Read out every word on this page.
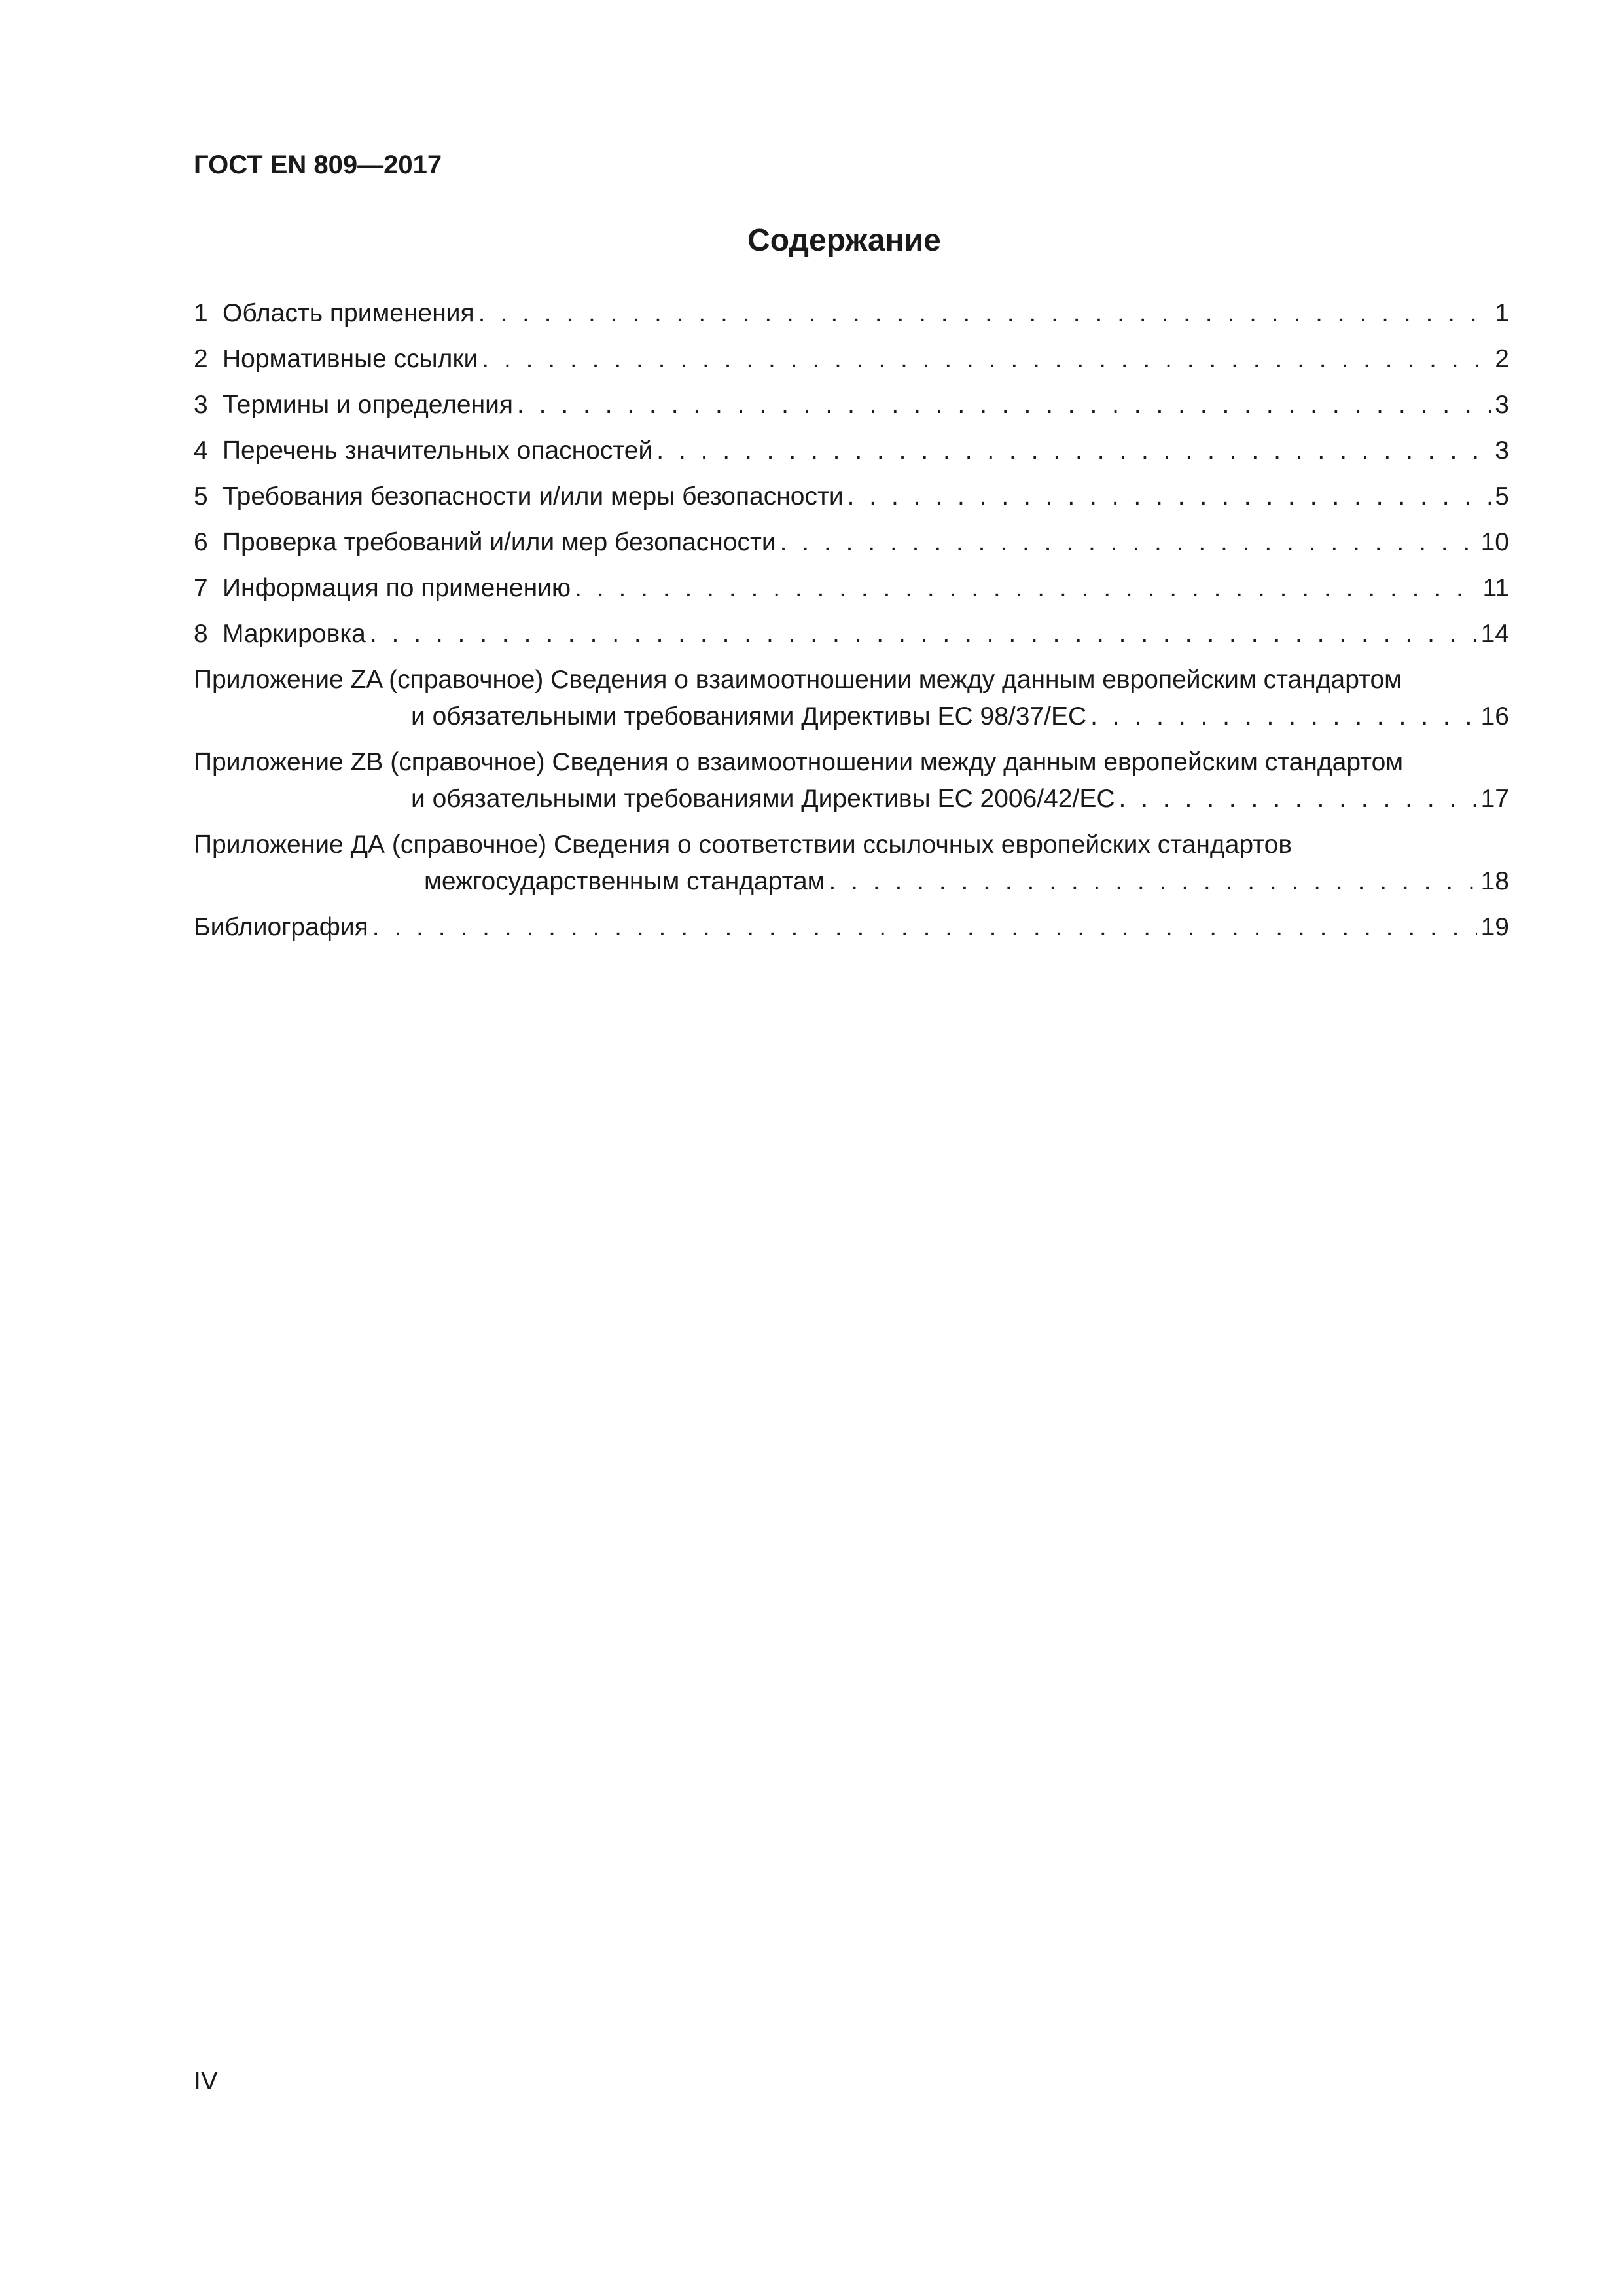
ГОСТ EN 809—2017
Содержание
1 Область применения . . .	1
2 Нормативные ссылки . . .	2
3 Термины и определения . . .	3
4 Перечень значительных опасностей . . .	3
5 Требования безопасности и/или меры безопасности . . .	5
6 Проверка требований и/или мер безопасности . . .	10
7 Информация по применению . . .	11
8 Маркировка . . .	14
Приложение ZA (справочное) Сведения о взаимоотношении между данным европейским стандартом
и обязательными требованиями Директивы ЕС 98/37/ЕС . . .	16
Приложение ZB (справочное) Сведения о взаимоотношении между данным европейским стандартом
и обязательными требованиями Директивы ЕС 2006/42/ЕС . . .	17
Приложение ДА (справочное) Сведения о соответствии ссылочных европейских стандартов
межгосударственным стандартам . . .	18
Библиография . . .	19
IV
